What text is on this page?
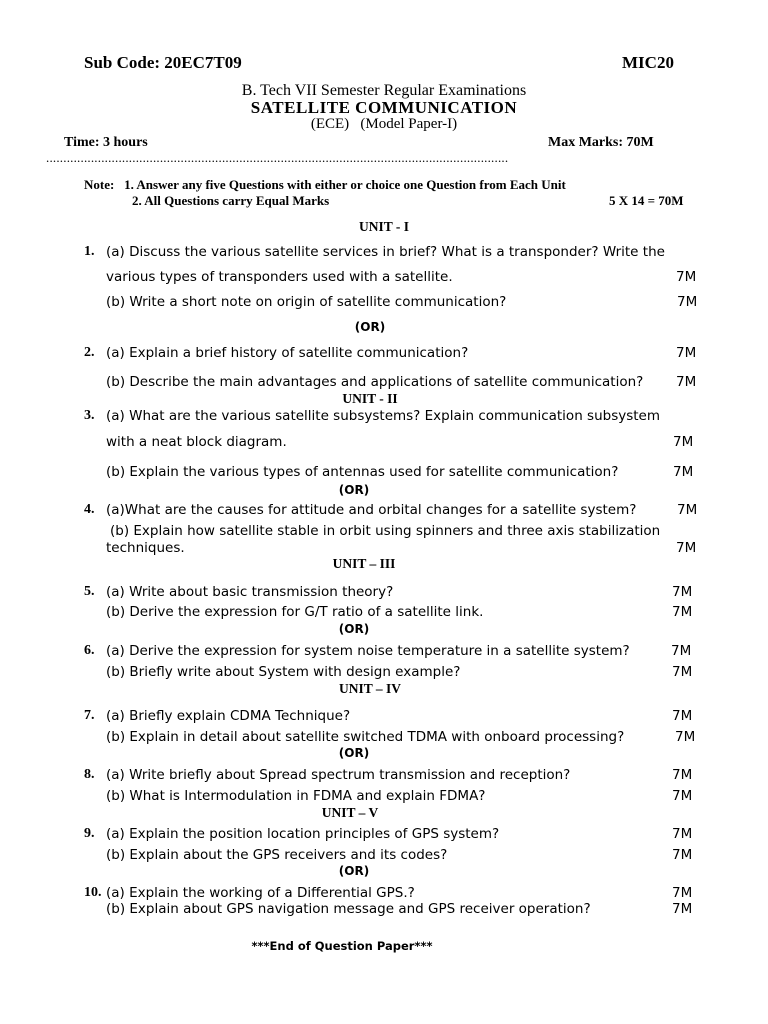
Sub Code: 20EC7T09	MIC20
B. Tech VII Semester Regular Examinations
SATELLITE COMMUNICATION
(ECE)   (Model Paper-I)
Time: 3 hours	Max Marks: 70M
......................................................................................................................................
Note:   1. Answer any five Questions with either or choice one Question from Each Unit
2. All Questions carry Equal Marks	5 X 14 = 70M
UNIT - I
1. (a) Discuss the various satellite services in brief? What is a transponder? Write the
various types of transponders used with a satellite.	7M
(b) Write a short note on origin of satellite communication?	7M
(OR)
2. (a) Explain a brief history of satellite communication?	7M
(b) Describe the main advantages and applications of satellite communication? 7M
UNIT - II
3. (a) What are the various satellite subsystems? Explain communication subsystem
with a neat block diagram.	7M
(b) Explain the various types of antennas used for satellite communication?	7M
(OR)
4. (a)What are the causes for attitude and orbital changes for a satellite system?	7M
(b) Explain how satellite stable in orbit using spinners and three axis stabilization
techniques.	7M
UNIT – III
5. (a) Write about basic transmission theory?	7M
(b) Derive the expression for G/T ratio of a satellite link.	7M
(OR)
6. (a) Derive the expression for system noise temperature in a satellite system?	7M
(b) Briefly write about System with design example?	7M
UNIT – IV
7. (a) Briefly explain CDMA Technique?	7M
(b) Explain in detail about satellite switched TDMA with onboard processing?	7M
(OR)
8. (a) Write briefly about Spread spectrum transmission and reception?	7M
(b) What is Intermodulation in FDMA and explain FDMA?	7M
UNIT – V
9. (a) Explain the position location principles of GPS system?	7M
(b) Explain about the GPS receivers and its codes?	7M
(OR)
10. (a) Explain the working of a Differential GPS.?	7M
(b) Explain about GPS navigation message and GPS receiver operation?	7M
***End of Question Paper***
